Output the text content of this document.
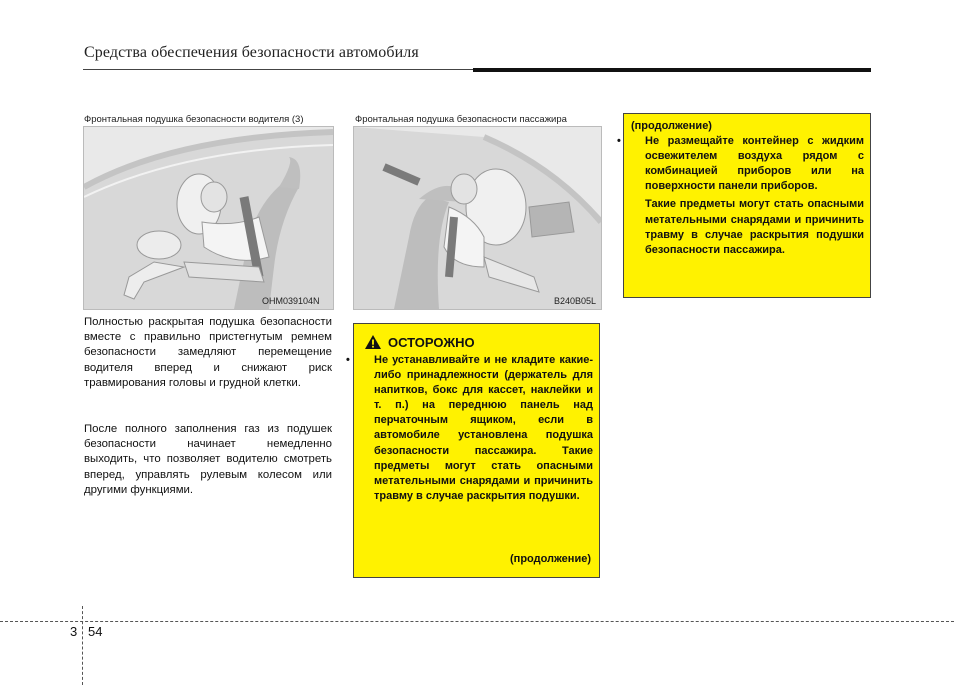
Средства обеспечения безопасности автомобиля
Фронтальная подушка безопасности водителя (3)
OHM039104N
Фронтальная подушка безопасности пассажира
B240B05L
Полностью раскрытая подушка безопасности вместе с правильно пристегнутым ремнем безопасности замедляют перемещение водителя вперед и снижают риск травмирования головы и грудной клетки.
После полного заполнения газ из подушек безопасности начинает немедленно выходить, что позволяет водителю смотреть вперед, управлять рулевым колесом или другими функциями.
ОСТОРОЖНО
• Не устанавливайте и не кладите какие-либо принадлежности (держатель для напитков, бокс для кассет, наклейки и т. п.) на переднюю панель над перчаточным ящиком, если в автомобиле установлена подушка безопасности пассажира. Такие предметы могут стать опасными метательными снарядами и причинить травму в случае раскрытия подушки.
(продолжение)
(продолжение)
• Не размещайте контейнер с жидким освежителем воздуха рядом с комбинацией приборов или на поверхности панели приборов.
Такие предметы могут стать опасными метательными снарядами и причинить травму в случае раскрытия подушки безопасности пассажира.
3 54
